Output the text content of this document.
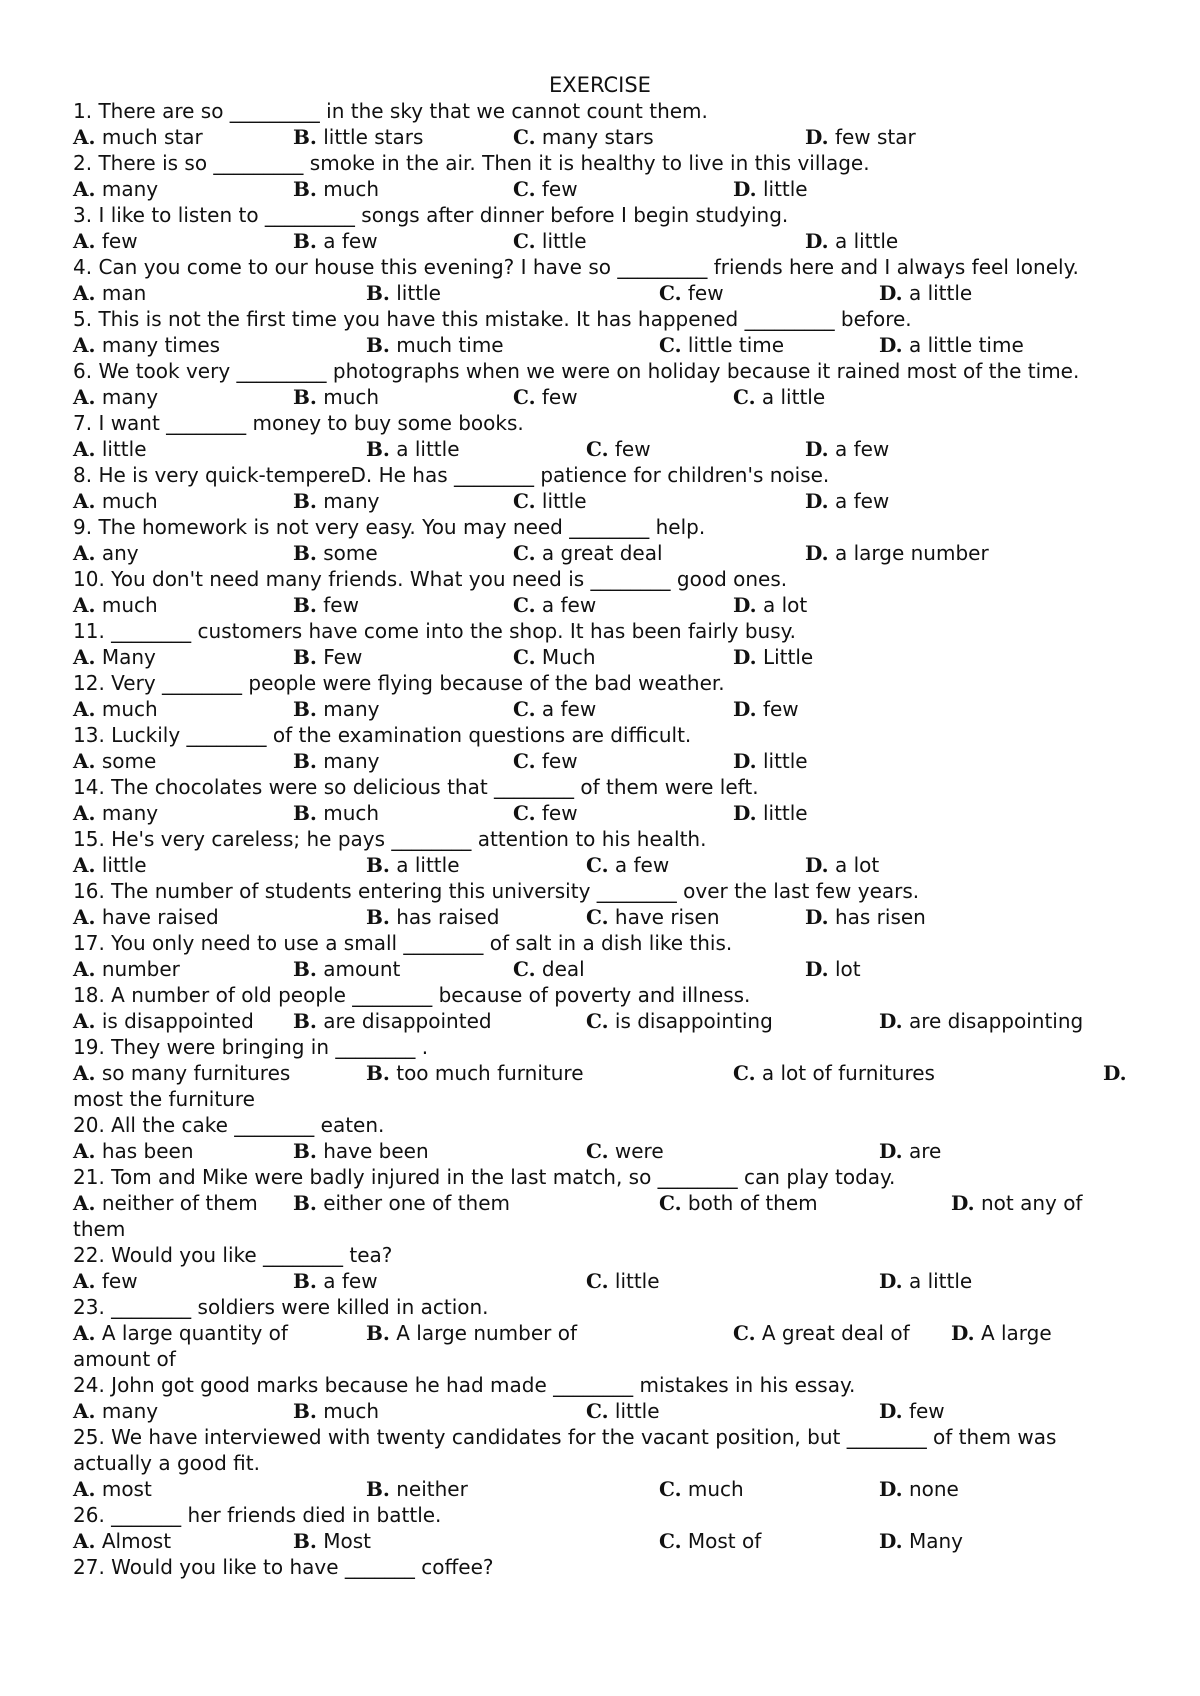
EXERCISE
1. There are so _________ in the sky that we cannot count them.
A. much star	B. little stars	C. many stars	D. few star
2. There is so _________ smoke in the air. Then it is healthy to live in this village.
A. many	B. much	C. few	D. little
3. I like to listen to _________ songs after dinner before I begin studying.
A. few	B. a few	C. little	D. a little
4. Can you come to our house this evening? I have so _________ friends here and I always feel lonely.
A. man	B. little	C. few	D. a little
5. This is not the first time you have this mistake. It has happened _________ before.
A. many times	B. much time	C. little time	D. a little time
6. We took very _________ photographs when we were on holiday because it rained most of the time.
A. many	B. much	C. few	C. a little
7. I want ________ money to buy some books.
A. little	B. a little	C. few	D. a few
8. He is very quick-tempereD. He has ________ patience for children's noise.
A. much	B. many	C. little	D. a few
9. The homework is not very easy. You may need ________ help.
A. any	B. some	C. a great deal	D. a large number
10. You don't need many friends. What you need is ________ good ones.
A. much	B. few	C. a few	D. a lot
11. ________ customers have come into the shop. It has been fairly busy.
A. Many	B. Few	C. Much	D. Little
12. Very ________ people were flying because of the bad weather.
A. much	B. many	C. a few	D. few
13. Luckily ________ of the examination questions are difficult.
A. some	B. many	C. few	D. little
14. The chocolates were so delicious that ________ of them were left.
A. many	B. much	C. few	D. little
15. He's very careless; he pays ________ attention to his health.
A. little	B. a little	C. a few	D. a lot
16. The number of students entering this university ________ over the last few years.
A. have raised	B. has raised	C. have risen	D. has risen
17. You only need to use a small ________ of salt in a dish like this.
A. number	B. amount	C. deal	D. lot
18. A number of old people ________ because of poverty and illness.
A. is disappointed B. are disappointed	C. is disappointing	D. are disappointing
19. They were bringing in ________ .
A. so many furnitures	B. too much furniture	C. a lot of furnitures	D.
most the furniture
20. All the cake ________ eaten.
A. has been	B. have been	C. were	D. are
21. Tom and Mike were badly injured in the last match, so ________ can play today.
A. neither of them B. either one of them	C. both of them	D. not any of
them
22. Would you like ________ tea?
A. few	B. a few	C. little	D. a little
23. ________ soldiers were killed in action.
A. A large quantity of	B. A large number of	C. A great deal of D. A large
amount of
24. John got good marks because he had made ________ mistakes in his essay.
A. many	B. much	C. little	D. few
25. We have interviewed with twenty candidates for the vacant position, but ________ of them was actually a good fit.
A. most	B. neither	C. much	D. none
26. _______ her friends died in battle.
A. Almost	B. Most	C. Most of	D. Many
27. Would you like to have _______ coffee?
